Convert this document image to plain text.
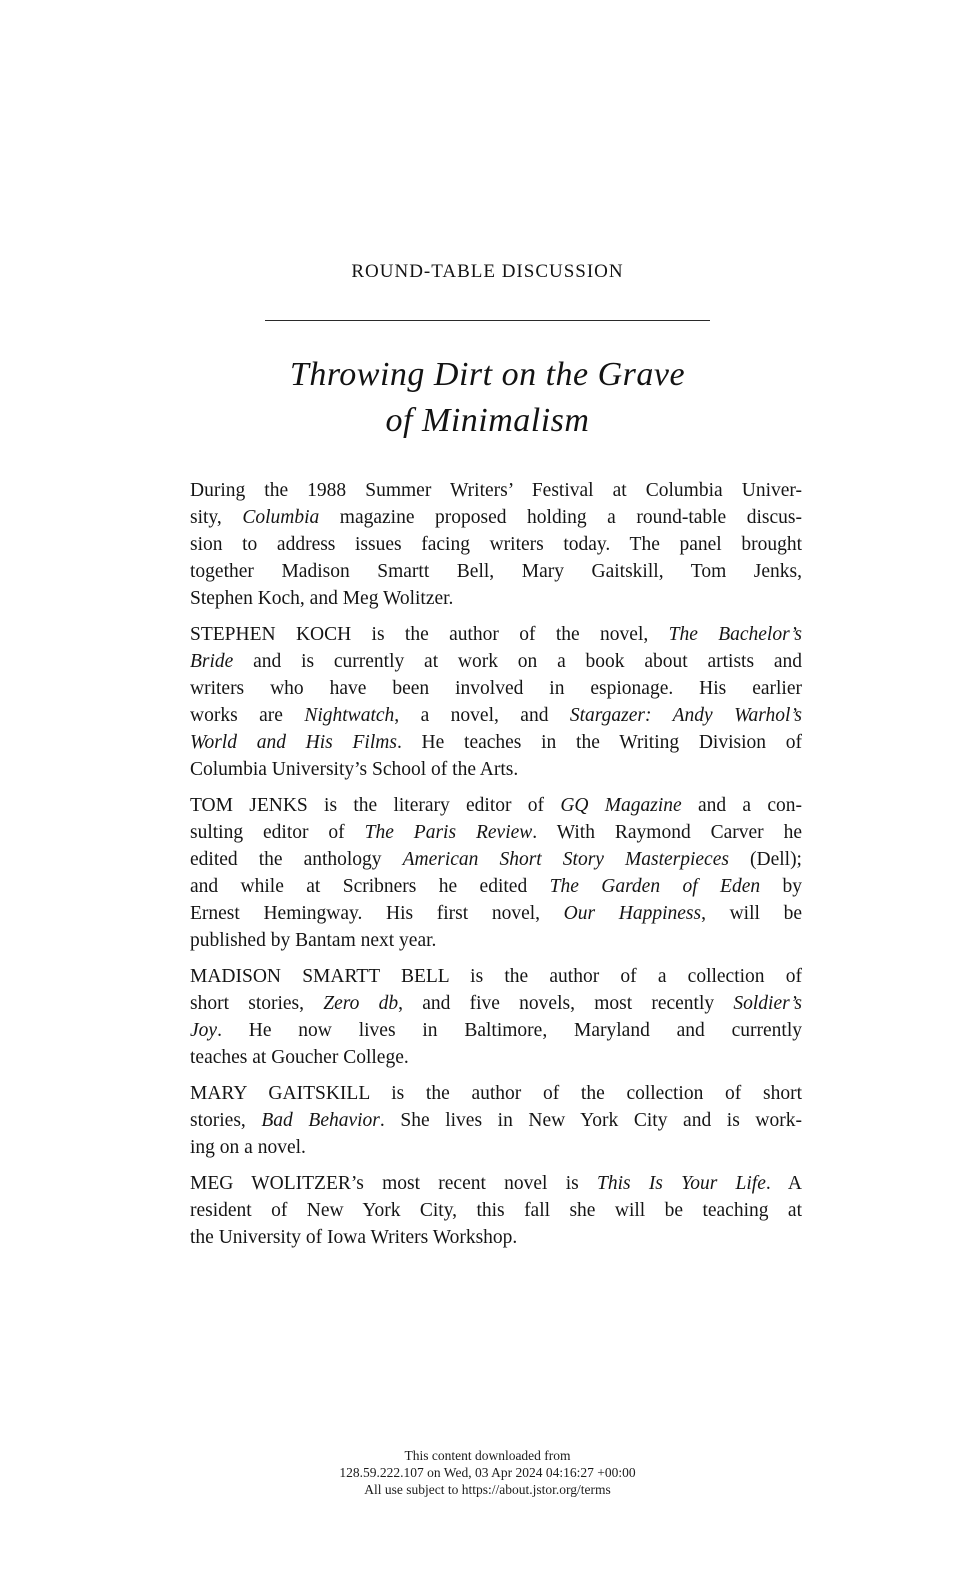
ROUND-TABLE DISCUSSION
Throwing Dirt on the Grave
of Minimalism

During the 1988 Summer Writers’ Festival at Columbia Univer-
sity, Columbia magazine proposed holding a round-table discus-
sion to address issues facing writers today. The panel brought
together Madison Smartt Bell, Mary Gaitskill, Tom Jenks,
Stephen Koch, and Meg Wolitzer.

STEPHEN KOCH is the author of the novel, The Bachelor’s
Bride and is currently at work on a book about artists and
writers who have been involved in espionage. His earlier
works are Nightwatch, a novel, and Stargazer: Andy Warhol’s
World and His Films. He teaches in the Writing Division of
Columbia University’s School of the Arts.

TOM JENKS is the literary editor of GQ Magazine and a con-
sulting editor of The Paris Review. With Raymond Carver he
edited the anthology American Short Story Masterpieces (Dell);
and while at Scribners he edited The Garden of Eden by
Ernest Hemingway. His first novel, Our Happiness, will be
published by Bantam next year.

MADISON SMARTT BELL is the author of a collection of
short stories, Zero db, and five novels, most recently Soldier’s
Joy. He now lives in Baltimore, Maryland and currently
teaches at Goucher College.

MARY GAITSKILL is the author of the collection of short
stories, Bad Behavior. She lives in New York City and is work-
ing on a novel.

MEG WOLITZER’s most recent novel is This Is Your Life. A
resident of New York City, this fall she will be teaching at
the University of Iowa Writers Workshop.

This content downloaded from
128.59.222.107 on Wed, 03 Apr 2024 04:16:27 +00:00
All use subject to https://about.jstor.org/terms
